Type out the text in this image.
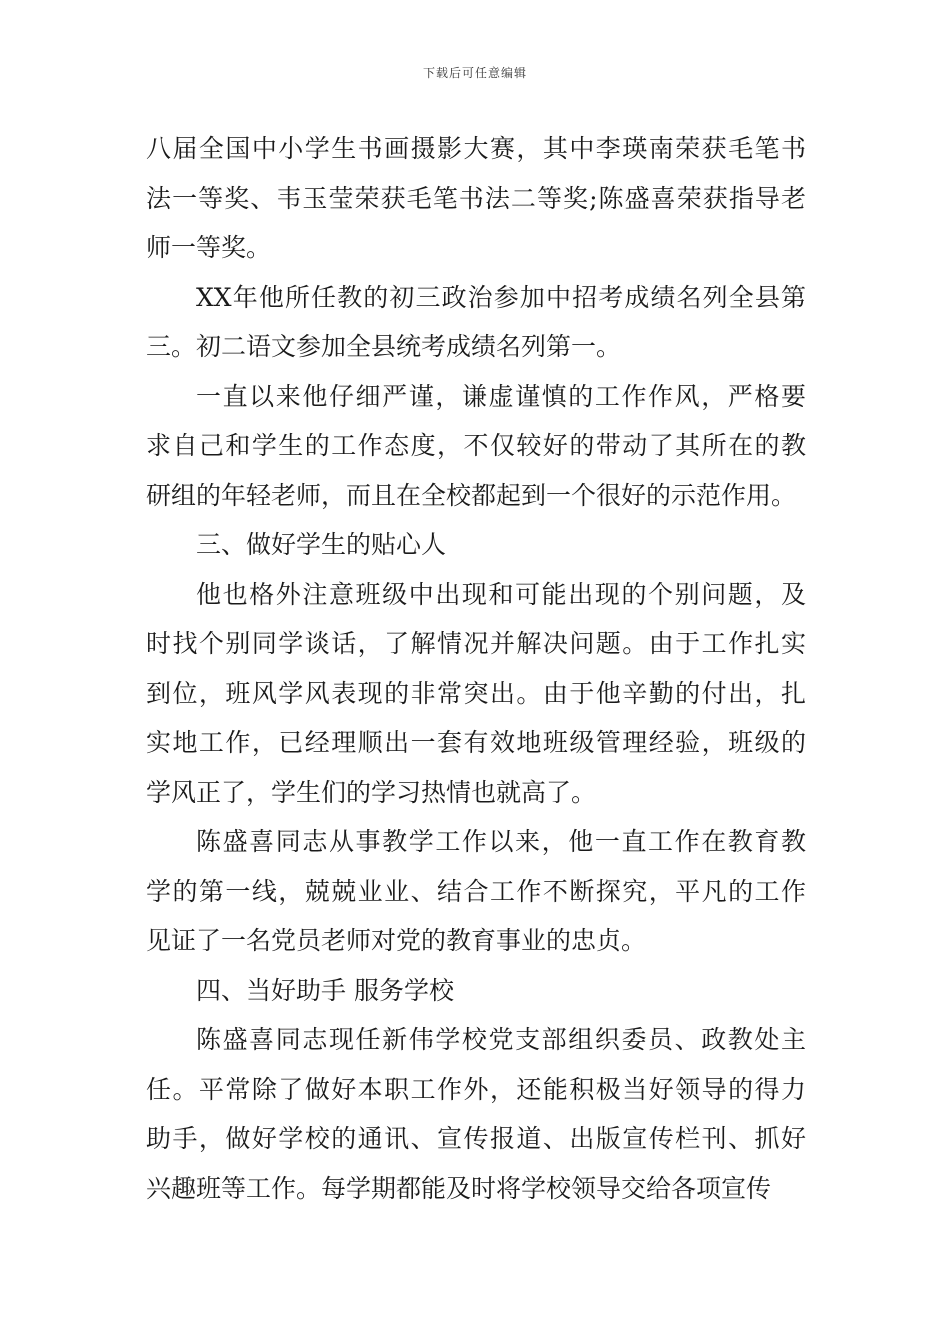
下载后可任意编辑
八届全国中小学生书画摄影大赛，其中李瑛南荣获毛笔书
法一等奖、韦玉莹荣获毛笔书法二等奖;陈盛喜荣获指导老
师一等奖。
XX年他所任教的初三政治参加中招考成绩名列全县第
三。初二语文参加全县统考成绩名列第一。
一直以来他仔细严谨，谦虚谨慎的工作作风，严格要
求自己和学生的工作态度，不仅较好的带动了其所在的教
研组的年轻老师，而且在全校都起到一个很好的示范作用。
三、做好学生的贴心人
他也格外注意班级中出现和可能出现的个别问题，及
时找个别同学谈话，了解情况并解决问题。由于工作扎实
到位，班风学风表现的非常突出。由于他辛勤的付出，扎
实地工作，已经理顺出一套有效地班级管理经验，班级的
学风正了，学生们的学习热情也就高了。
陈盛喜同志从事教学工作以来，他一直工作在教育教
学的第一线，兢兢业业、结合工作不断探究，平凡的工作
见证了一名党员老师对党的教育事业的忠贞。
四、当好助手 服务学校
陈盛喜同志现任新伟学校党支部组织委员、政教处主
任。平常除了做好本职工作外，还能积极当好领导的得力
助手，做好学校的通讯、宣传报道、出版宣传栏刊、抓好
兴趣班等工作。每学期都能及时将学校领导交给各项宣传
